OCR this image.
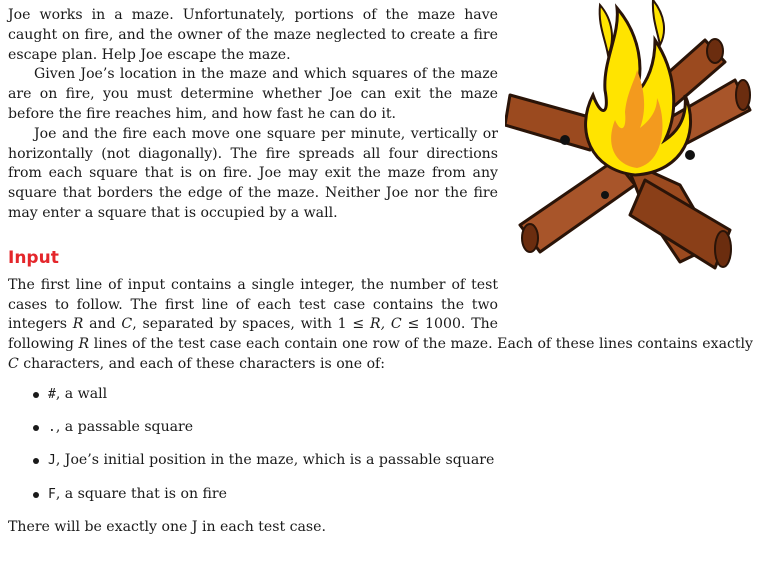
Joe works in a maze. Unfortunately, portions of the maze have caught on fire, and the owner of the maze neglected to create a fire escape plan. Help Joe escape the maze.

Given Joe’s location in the maze and which squares of the maze are on fire, you must determine whether Joe can exit the maze before the fire reaches him, and how fast he can do it.

Joe and the fire each move one square per minute, vertically or horizontally (not diagonally). The fire spreads all four directions from each square that is on fire. Joe may exit the maze from any square that borders the edge of the maze. Neither Joe nor the fire may enter a square that is occupied by a wall.

Input

The first line of input contains a single integer, the number of test

cases to follow. The first line of each test case contains the two

integers R and C, separated by spaces, with 1 ≤ R, C ≤ 1000. The

following R lines of the test case each contain one row of the maze. Each of these lines contains exactly

C characters, and each of these characters is one of:

#, a wall
., a passable square
J, Joe’s initial position in the maze, which is a passable square
F, a square that is on fire

There will be exactly one J in each test case.
